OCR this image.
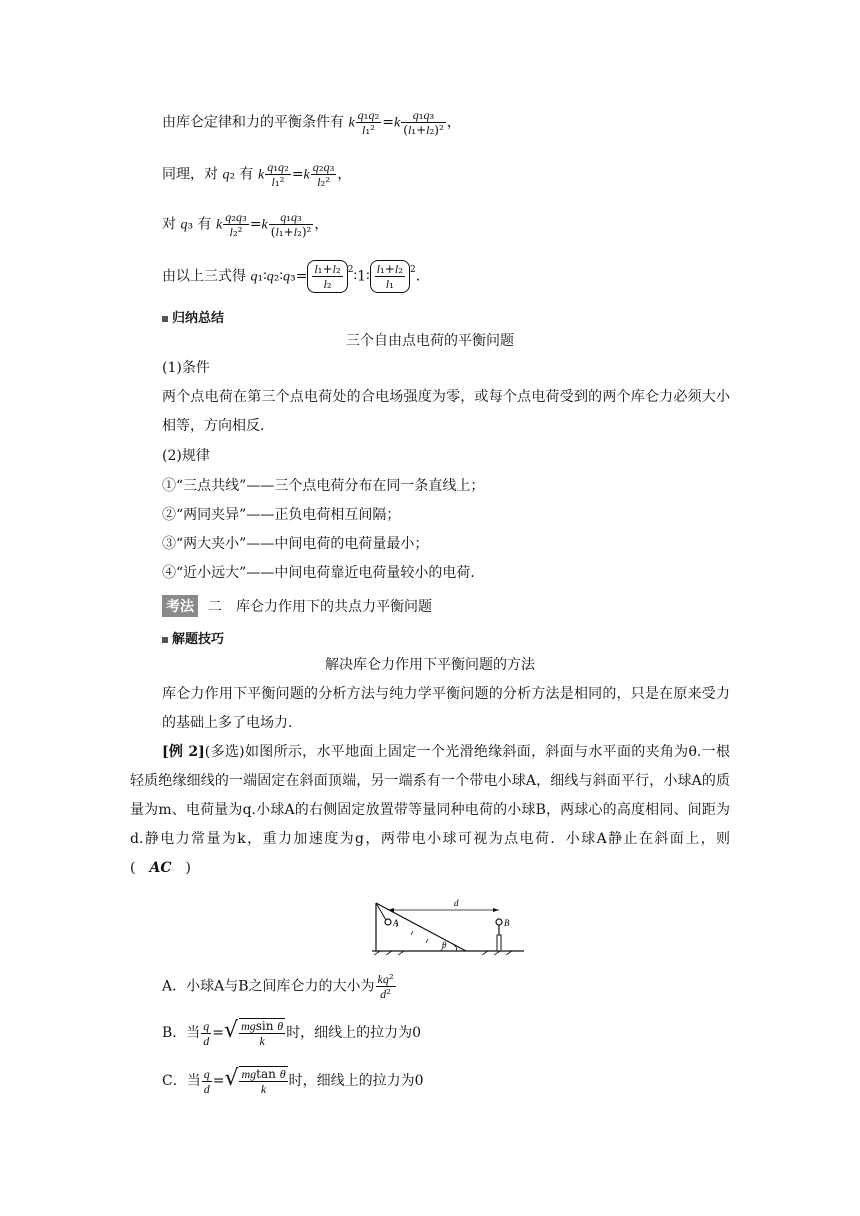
由库仑定律和力的平衡条件有 k $\frac{\text{q₁q₂}}{\text{l₁²}} =k \frac{\text{q₁q₃}}{\text{(l₁+l₂)²}}$ ，
同理，对 q₂ 有 k $\frac{\text{q₁q₂}}{\text{l₁²}} =k \frac{\text{q₂q₃}}{\text{l₂²}}$ ，
对 q₃ 有 k $\frac{\text{q₂q₃}}{\text{l₂²}} =k \frac{\text{q₁q₃}}{\text{(l₁+l₂)²}}$ ，
由以上三式得 q₁∶q₂∶q₃= $\frac{\text{l₁+l₂}}{\text{l₂}}$ $^2$∶1∶ $\frac{\text{l₁+l₂}}{\text{l₁}} ^2$.
归纳总结
三个自由点电荷的平衡问题
(1)条件
两个点电荷在第三个点电荷处的合电场强度为零，或每个点电荷受到的两个库仑力必须大小相等，方向相反．
(2)规律
①“三点共线”——三个点电荷分布在同一条直线上；
②“两同夹异”——正负电荷相互间隔；
③“两大夹小”——中间电荷的电荷量最小；
④“近小远大”——中间电荷靠近电荷量较小的电荷．
考法 二　库仑力作用下的共点力平衡问题
解题技巧
解决库仑力作用下平衡问题的方法
库仑力作用下平衡问题的分析方法与纯力学平衡问题的分析方法是相同的，只是在原来受力的基础上多了电场力．
[例 2](多选)如图所示，水平地面上固定一个光滑绝缘斜面，斜面与水平面的夹角为θ.一根轻质绝缘细线的一端固定在斜面顶端，另一端系有一个带电小球A，细线与斜面平行，小球A的质量为m、电荷量为q.小球A的右侧固定放置带等量同种电荷的小球B，两球心的高度相同、间距为d.静电力常量为k，重力加速度为g，两带电小球可视为点电荷．小球A静止在斜面上，则( AC )
A	B
d
θ
A．小球A与B之间库仑力的大小为 $\frac{\text{kq²}}{\text{d²}}$
B．当 $\frac{q}{d}$ =√ $\frac{\text{mgsin θ}}{k}$ 时，细线上的拉力为0
C．当 $\frac{q}{d}$ =√ $\frac{\text{mgtan θ}}{k}$ 时，细线上的拉力为0
